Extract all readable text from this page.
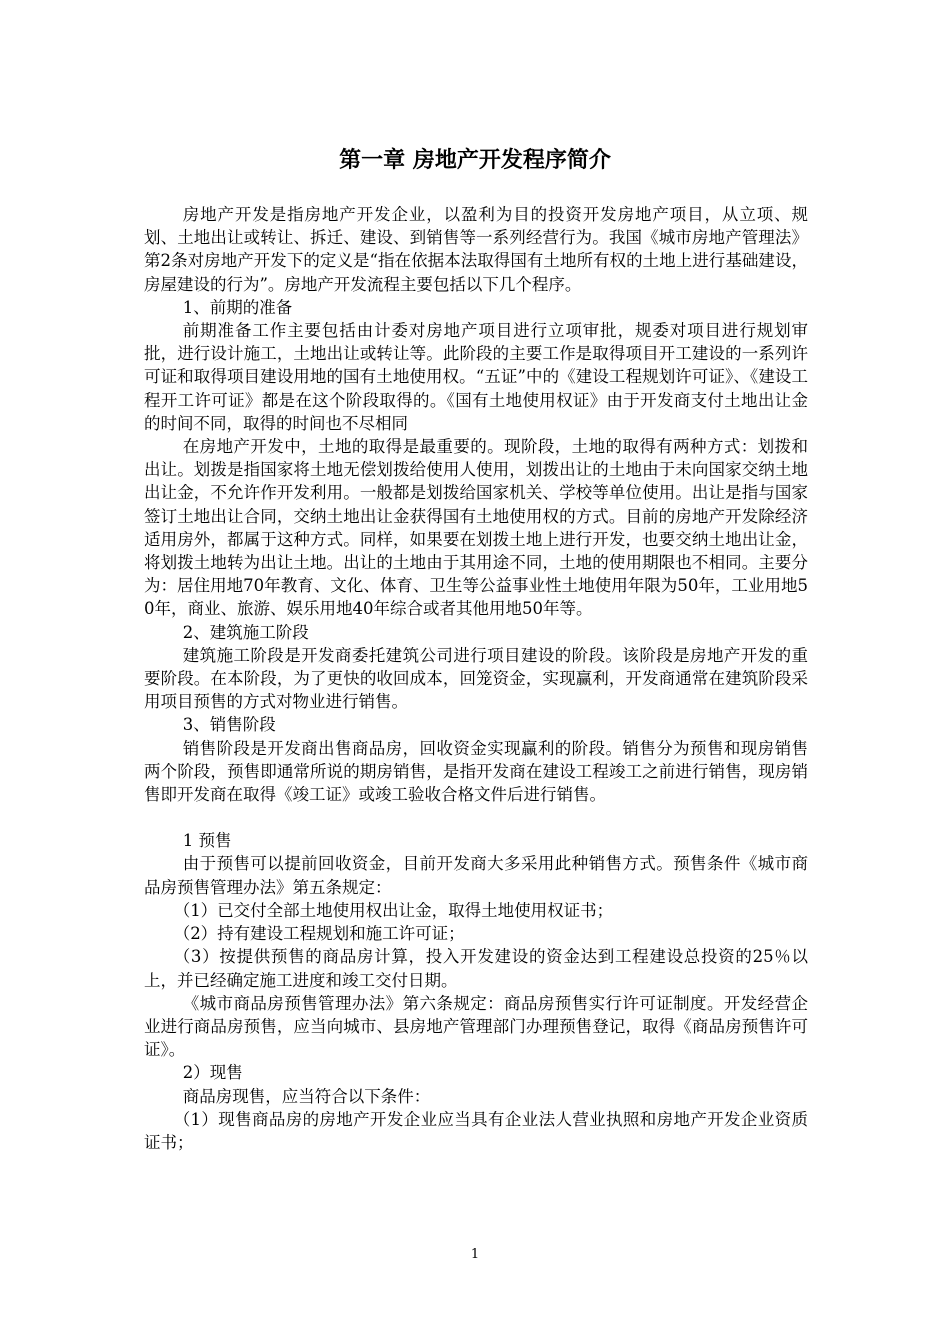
第一章 房地产开发程序简介

房地产开发是指房地产开发企业，以盈利为目的投资开发房地产项目，从立项、规划、土地出让或转让、拆迁、建设、到销售等一系列经营行为。我国《城市房地产管理法》第2条对房地产开发下的定义是“指在依据本法取得国有土地所有权的土地上进行基础建设，房屋建设的行为”。房地产开发流程主要包括以下几个程序。

1、前期的准备

前期准备工作主要包括由计委对房地产项目进行立项审批，规委对项目进行规划审批，进行设计施工，土地出让或转让等。此阶段的主要工作是取得项目开工建设的一系列许可证和取得项目建设用地的国有土地使用权。“五证”中的《建设工程规划许可证》、《建设工程开工许可证》都是在这个阶段取得的。《国有土地使用权证》由于开发商支付土地出让金的时间不同，取得的时间也不尽相同

在房地产开发中，土地的取得是最重要的。现阶段，土地的取得有两种方式：划拨和出让。划拨是指国家将土地无偿划拨给使用人使用，划拨出让的土地由于未向国家交纳土地出让金，不允许作开发利用。一般都是划拨给国家机关、学校等单位使用。出让是指与国家签订土地出让合同，交纳土地出让金获得国有土地使用权的方式。目前的房地产开发除经济适用房外，都属于这种方式。同样，如果要在划拨土地上进行开发，也要交纳土地出让金，将划拨土地转为出让土地。出让的土地由于其用途不同，土地的使用期限也不相同。主要分为：居住用地70年教育、文化、体育、卫生等公益事业性土地使用年限为50年，工业用地50年，商业、旅游、娱乐用地40年综合或者其他用地50年等。

2、建筑施工阶段

建筑施工阶段是开发商委托建筑公司进行项目建设的阶段。该阶段是房地产开发的重要阶段。在本阶段，为了更快的收回成本，回笼资金，实现赢利，开发商通常在建筑阶段采用项目预售的方式对物业进行销售。

3、销售阶段

销售阶段是开发商出售商品房，回收资金实现赢利的阶段。销售分为预售和现房销售两个阶段，预售即通常所说的期房销售，是指开发商在建设工程竣工之前进行销售，现房销售即开发商在取得《竣工证》或竣工验收合格文件后进行销售。

1 预售

由于预售可以提前回收资金，目前开发商大多采用此种销售方式。预售条件《城市商品房预售管理办法》第五条规定：

（1）已交付全部土地使用权出让金，取得土地使用权证书；

（2）持有建设工程规划和施工许可证；

（3）按提供预售的商品房计算，投入开发建设的资金达到工程建设总投资的25％以上，并已经确定施工进度和竣工交付日期。

《城市商品房预售管理办法》第六条规定：商品房预售实行许可证制度。开发经营企业进行商品房预售，应当向城市、县房地产管理部门办理预售登记，取得《商品房预售许可证》。

2）现售

商品房现售，应当符合以下条件：

（1）现售商品房的房地产开发企业应当具有企业法人营业执照和房地产开发企业资质证书；

1
